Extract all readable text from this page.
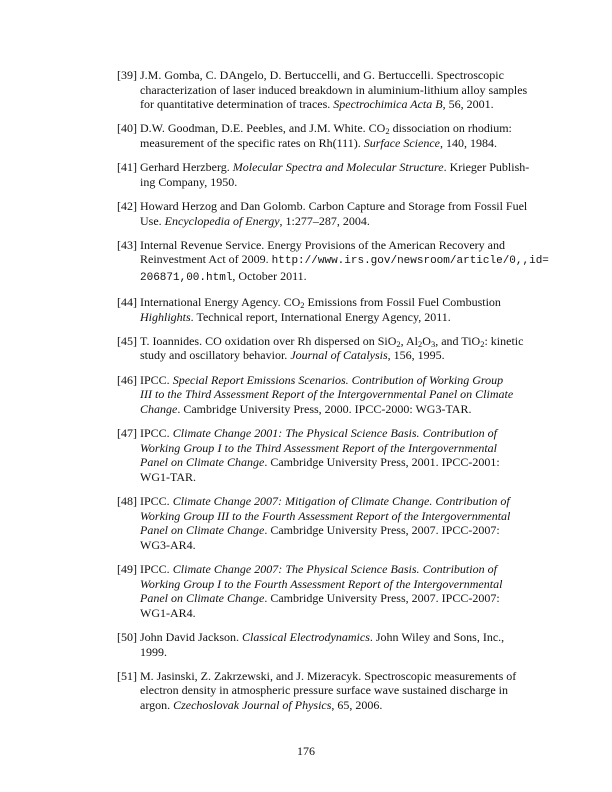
[39] J.M. Gomba, C. DAngelo, D. Bertuccelli, and G. Bertuccelli. Spectroscopic
characterization of laser induced breakdown in aluminium-lithium alloy samples
for quantitative determination of traces. Spectrochimica Acta B, 56, 2001.
[40] D.W. Goodman, D.E. Peebles, and J.M. White. $CO_2$ dissociation on rhodium:
measurement of the specific rates on Rh(111). Surface Science, 140, 1984.
[41] Gerhard Herzberg. Molecular Spectra and Molecular Structure. Krieger Publish-
ing Company, 1950.
[42] Howard Herzog and Dan Golomb. Carbon Capture and Storage from Fossil Fuel
Use. Encyclopedia of Energy, 1:277–287, 2004.
[43] Internal Revenue Service. Energy Provisions of the American Recovery and
Reinvestment Act of 2009. http://www.irs.gov/newsroom/article/0,,id=
206871,00.html, October 2011.
[44] International Energy Agency. $CO_2$ Emissions from Fossil Fuel Combustion
Highlights. Technical report, International Energy Agency, 2011.
[45] T. Ioannides. CO oxidation over Rh dispersed on SiO$_2$, $Al_2O_3$, and TiO$_2$: kinetic
study and oscillatory behavior. Journal of Catalysis, 156, 1995.
[46] IPCC. Special Report Emissions Scenarios. Contribution of Working Group
III to the Third Assessment Report of the Intergovernmental Panel on Climate
Change. Cambridge University Press, 2000. IPCC-2000: WG3-TAR.
[47] IPCC. Climate Change 2001: The Physical Science Basis. Contribution of
Working Group I to the Third Assessment Report of the Intergovernmental
Panel on Climate Change. Cambridge University Press, 2001. IPCC-2001:
WG1-TAR.
[48] IPCC. Climate Change 2007: Mitigation of Climate Change. Contribution of
Working Group III to the Fourth Assessment Report of the Intergovernmental
Panel on Climate Change. Cambridge University Press, 2007. IPCC-2007:
WG3-AR4.
[49] IPCC. Climate Change 2007: The Physical Science Basis. Contribution of
Working Group I to the Fourth Assessment Report of the Intergovernmental
Panel on Climate Change. Cambridge University Press, 2007. IPCC-2007:
WG1-AR4.
[50] John David Jackson. Classical Electrodynamics. John Wiley and Sons, Inc.,
1999.
[51] M. Jasinski, Z. Zakrzewski, and J. Mizeracyk. Spectroscopic measurements of
electron density in atmospheric pressure surface wave sustained discharge in
argon. Czechoslovak Journal of Physics, 65, 2006.
176
